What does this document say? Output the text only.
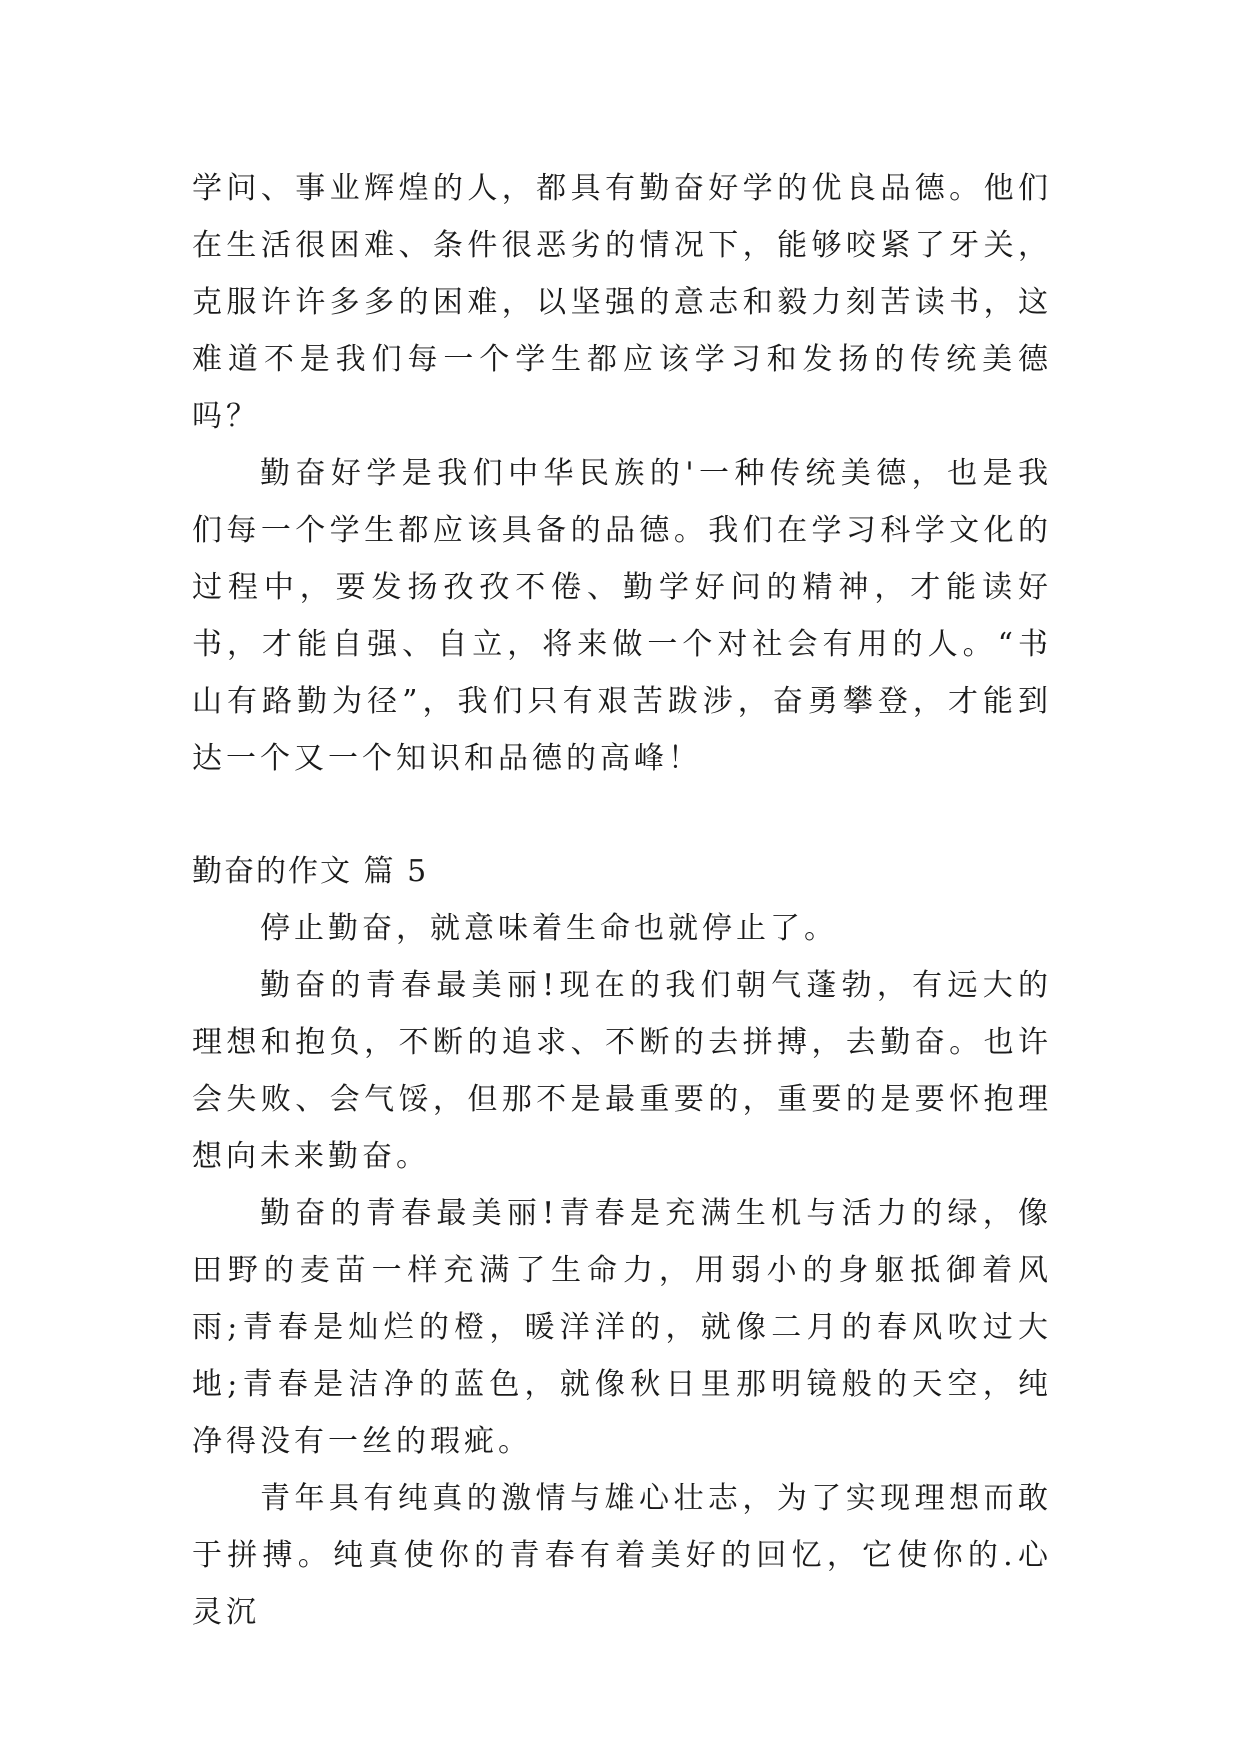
学问、事业辉煌的人，都具有勤奋好学的优良品德。他们在生活很困难、条件很恶劣的情况下，能够咬紧了牙关，克服许许多多的困难，以坚强的意志和毅力刻苦读书，这难道不是我们每一个学生都应该学习和发扬的传统美德吗？

勤奋好学是我们中华民族的'一种传统美德，也是我们每一个学生都应该具备的品德。我们在学习科学文化的过程中，要发扬孜孜不倦、勤学好问的精神，才能读好书，才能自强、自立，将来做一个对社会有用的人。“书山有路勤为径”，我们只有艰苦跋涉，奋勇攀登，才能到达一个又一个知识和品德的高峰！

勤奋的作文 篇 5

停止勤奋，就意味着生命也就停止了。

勤奋的青春最美丽!现在的我们朝气蓬勃，有远大的理想和抱负，不断的追求、不断的去拼搏，去勤奋。也许会失败、会气馁，但那不是最重要的，重要的是要怀抱理想向未来勤奋。

勤奋的青春最美丽!青春是充满生机与活力的绿，像田野的麦苗一样充满了生命力，用弱小的身躯抵御着风雨;青春是灿烂的橙，暖洋洋的，就像二月的春风吹过大地;青春是洁净的蓝色，就像秋日里那明镜般的天空，纯净得没有一丝的瑕疵。

青年具有纯真的激情与雄心壮志，为了实现理想而敢于拼搏。纯真使你的青春有着美好的回忆，它使你的.心灵沉
